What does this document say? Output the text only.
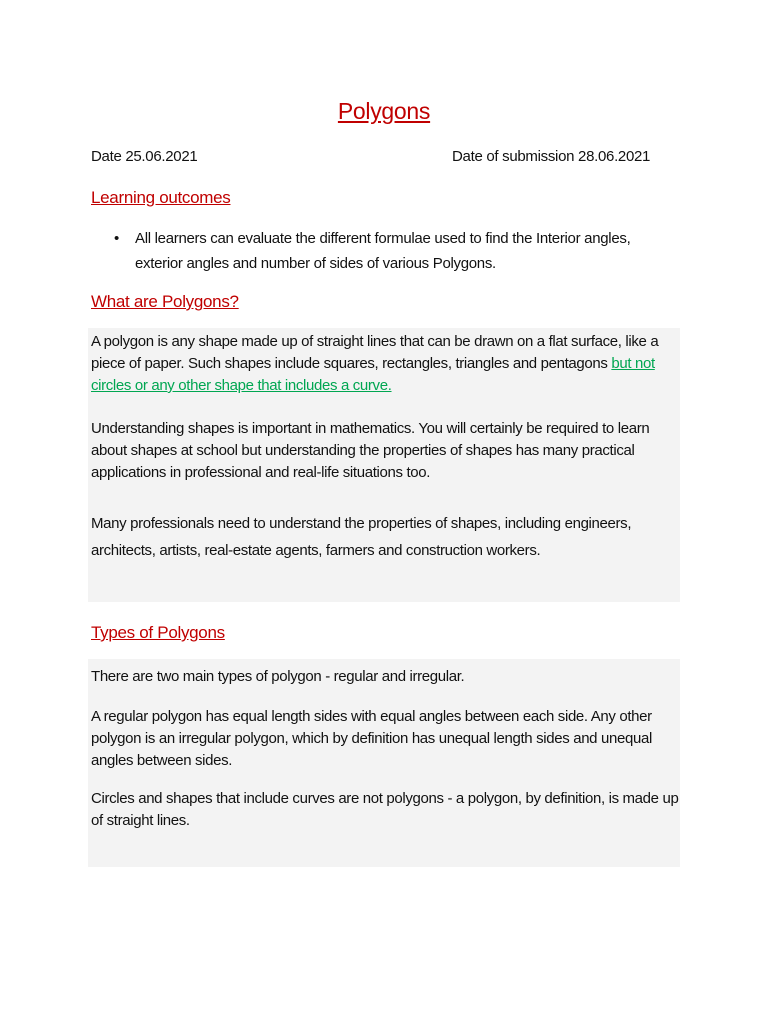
Polygons
Date 25.06.2021	Date of submission 28.06.2021
Learning outcomes
• All learners can evaluate the different formulae used to find the Interior angles, exterior angles and number of sides of various Polygons.
What are Polygons?

A polygon is any shape made up of straight lines that can be drawn on a flat surface, like a piece of paper. Such shapes include squares, rectangles, triangles and pentagons but not circles or any other shape that includes a curve.

Understanding shapes is important in mathematics. You will certainly be required to learn about shapes at school but understanding the properties of shapes has many practical applications in professional and real-life situations too.

Many professionals need to understand the properties of shapes, including engineers, architects, artists, real-estate agents, farmers and construction workers.

Types of Polygons

There are two main types of polygon - regular and irregular.

A regular polygon has equal length sides with equal angles between each side. Any other polygon is an irregular polygon, which by definition has unequal length sides and unequal angles between sides.

Circles and shapes that include curves are not polygons - a polygon, by definition, is made up of straight lines.
